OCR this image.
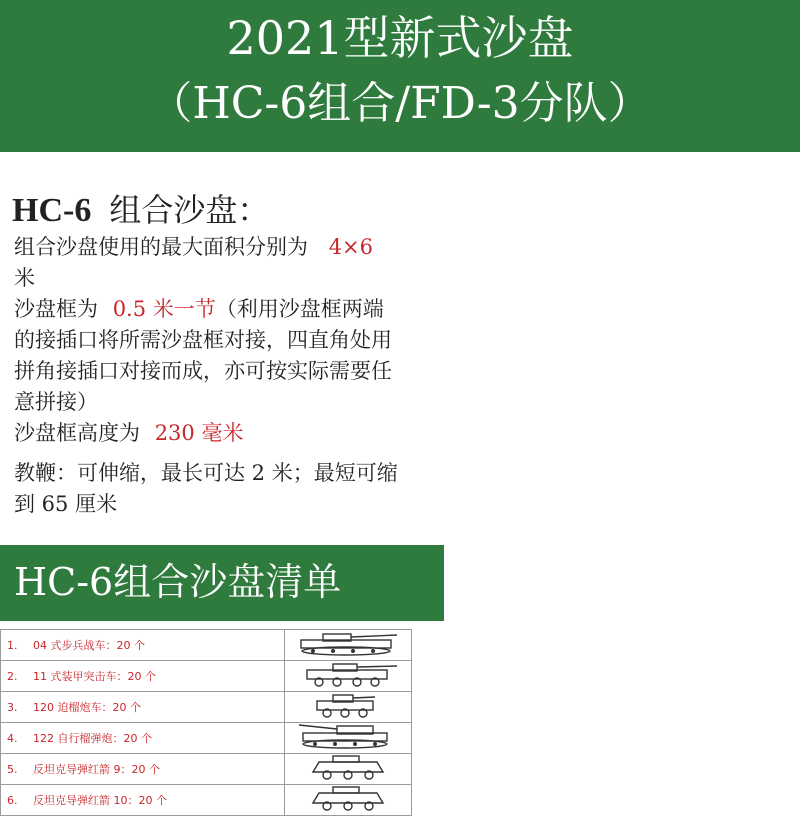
2021型新式沙盘
（HC-6组合/FD-3分队）
HC-6 组合沙盘：
组合沙盘使用的最大面积分别为 4×6
米
沙盘框为 0.5 米一节（利用沙盘框两端
的接插口将所需沙盘框对接，四直角处用
拼角接插口对接而成，亦可按实际需要任
意拼接）
沙盘框高度为 230 毫米
教鞭：可伸缩，最长可达 2 米；最短可缩
到 65 厘米
HC-6组合沙盘清单
1. 04 式步兵战车：20 个	
2. 11 式装甲突击车：20 个	
3. 120 迫榴炮车：20 个	
4. 122 自行榴弹炮：20 个	
5. 反坦克导弹红箭 9：20 个	
6. 反坦克导弹红箭 10：20 个	
